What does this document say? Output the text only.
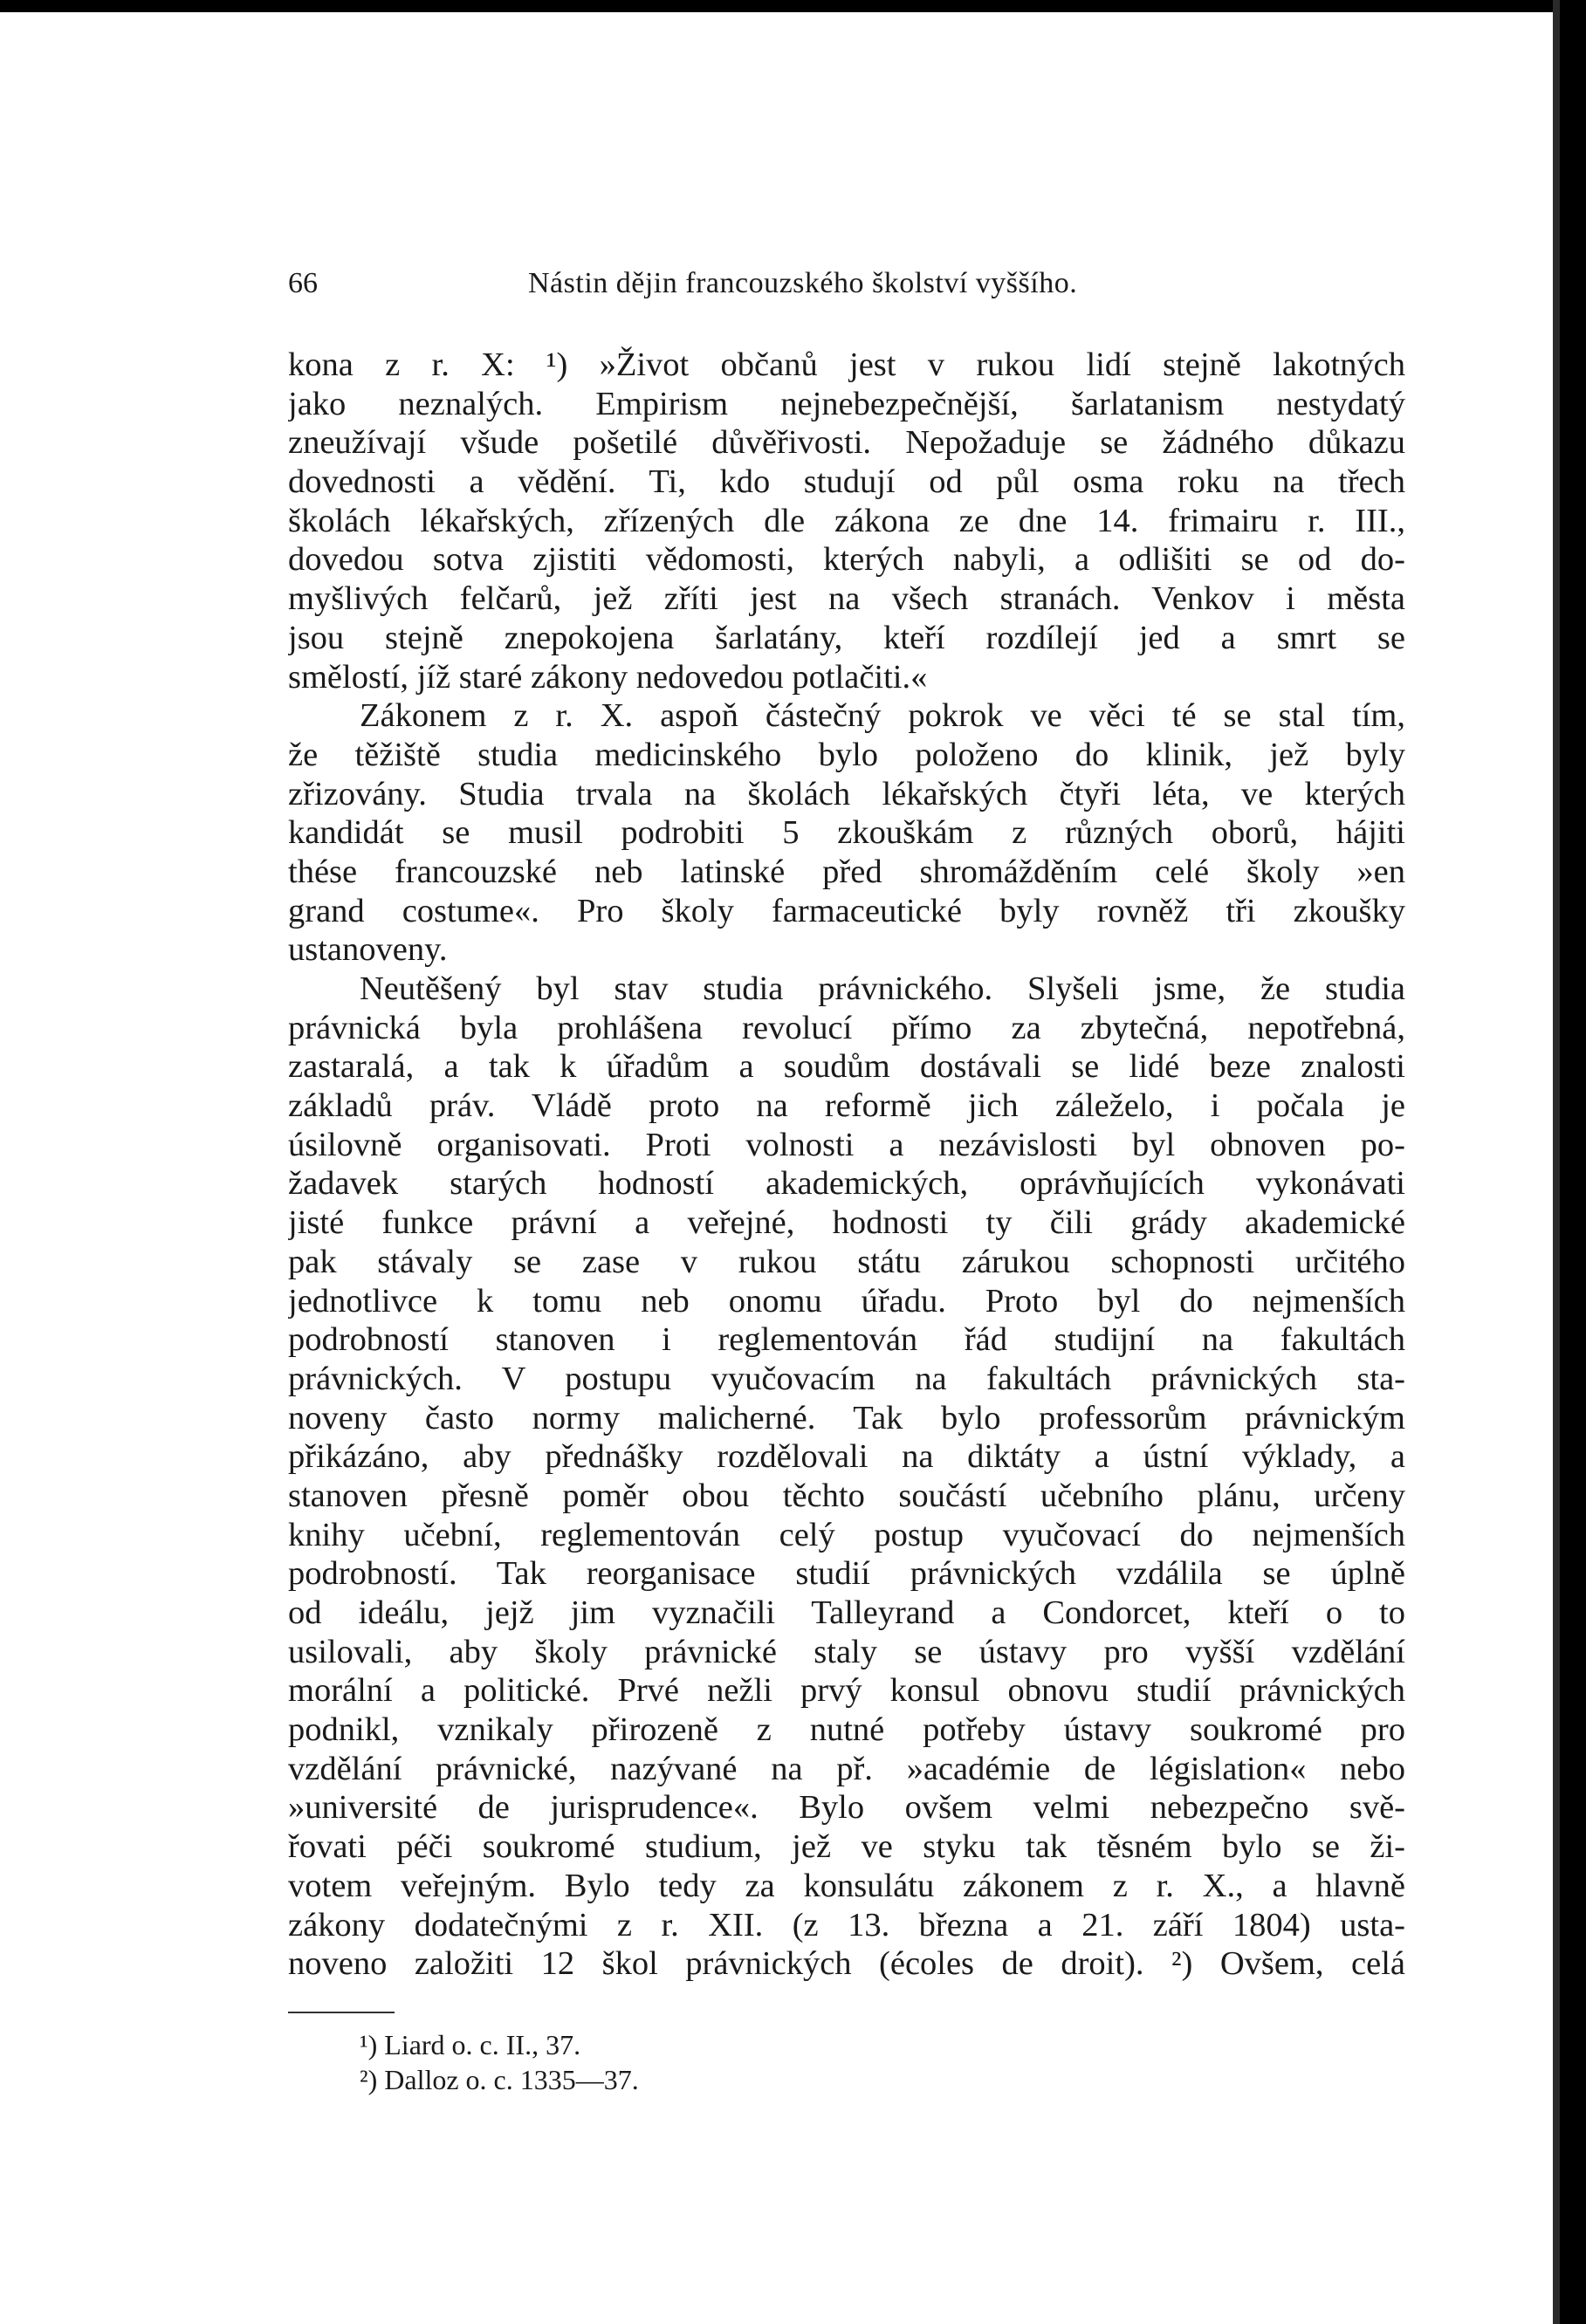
66	Nástin dějin francouzského školství vyššího.
kona z r. X: ¹) »Život občanů jest v rukou lidí stejně lakotných
jako neznalých. Empirism nejnebezpečnější, šarlatanism nestydatý
zneužívají všude pošetilé důvěřivosti. Nepožaduje se žádného důkazu
dovednosti a vědění. Ti, kdo studují od půl osma roku na třech
školách lékařských, zřízených dle zákona ze dne 14. frimairu r. III.,
dovedou sotva zjistiti vědomosti, kterých nabyli, a odlišiti se od do-
myšlivých felčarů, jež zříti jest na všech stranách. Venkov i města
jsou stejně znepokojena šarlatány, kteří rozdílejí jed a smrt se
smělostí, jíž staré zákony nedovedou potlačiti.«
Zákonem z r. X. aspoň částečný pokrok ve věci té se stal tím,
že těžiště studia medicinského bylo položeno do klinik, jež byly
zřizovány. Studia trvala na školách lékařských čtyři léta, ve kterých
kandidát se musil podrobiti 5 zkouškám z různých oborů, hájiti
thése francouzské neb latinské před shromážděním celé školy »en
grand costume«. Pro školy farmaceutické byly rovněž tři zkoušky
ustanoveny.
Neutěšený byl stav studia právnického. Slyšeli jsme, že studia
právnická byla prohlášena revolucí přímo za zbytečná, nepotřebná,
zastaralá, a tak k úřadům a soudům dostávali se lidé beze znalosti
základů práv. Vládě proto na reformě jich záleželo, i počala je
úsilovně organisovati. Proti volnosti a nezávislosti byl obnoven po-
žadavek starých hodností akademických, oprávňujících vykonávati
jisté funkce právní a veřejné, hodnosti ty čili grády akademické
pak stávaly se zase v rukou státu zárukou schopnosti určitého
jednotlivce k tomu neb onomu úřadu. Proto byl do nejmenších
podrobností stanoven i reglementován řád studijní na fakultách
právnických. V postupu vyučovacím na fakultách právnických sta-
noveny často normy malicherné. Tak bylo professorům právnickým
přikázáno, aby přednášky rozdělovali na diktáty a ústní výklady, a
stanoven přesně poměr obou těchto součástí učebního plánu, určeny
knihy učební, reglementován celý postup vyučovací do nejmenších
podrobností. Tak reorganisace studií právnických vzdálila se úplně
od ideálu, jejž jim vyznačili Talleyrand a Condorcet, kteří o to
usilovali, aby školy právnické staly se ústavy pro vyšší vzdělání
morální a politické. Prvé nežli prvý konsul obnovu studií právnických
podnikl, vznikaly přirozeně z nutné potřeby ústavy soukromé pro
vzdělání právnické, nazývané na př. »académie de législation« nebo
»université de jurisprudence«. Bylo ovšem velmi nebezpečno svě-
řovati péči soukromé studium, jež ve styku tak těsném bylo se ži-
votem veřejným. Bylo tedy za konsulátu zákonem z r. X., a hlavně
zákony dodatečnými z r. XII. (z 13. března a 21. září 1804) usta-
noveno založiti 12 škol právnických (écoles de droit). ²) Ovšem, celá
¹) Liard o. c. II., 37.
²) Dalloz o. c. 1335—37.
